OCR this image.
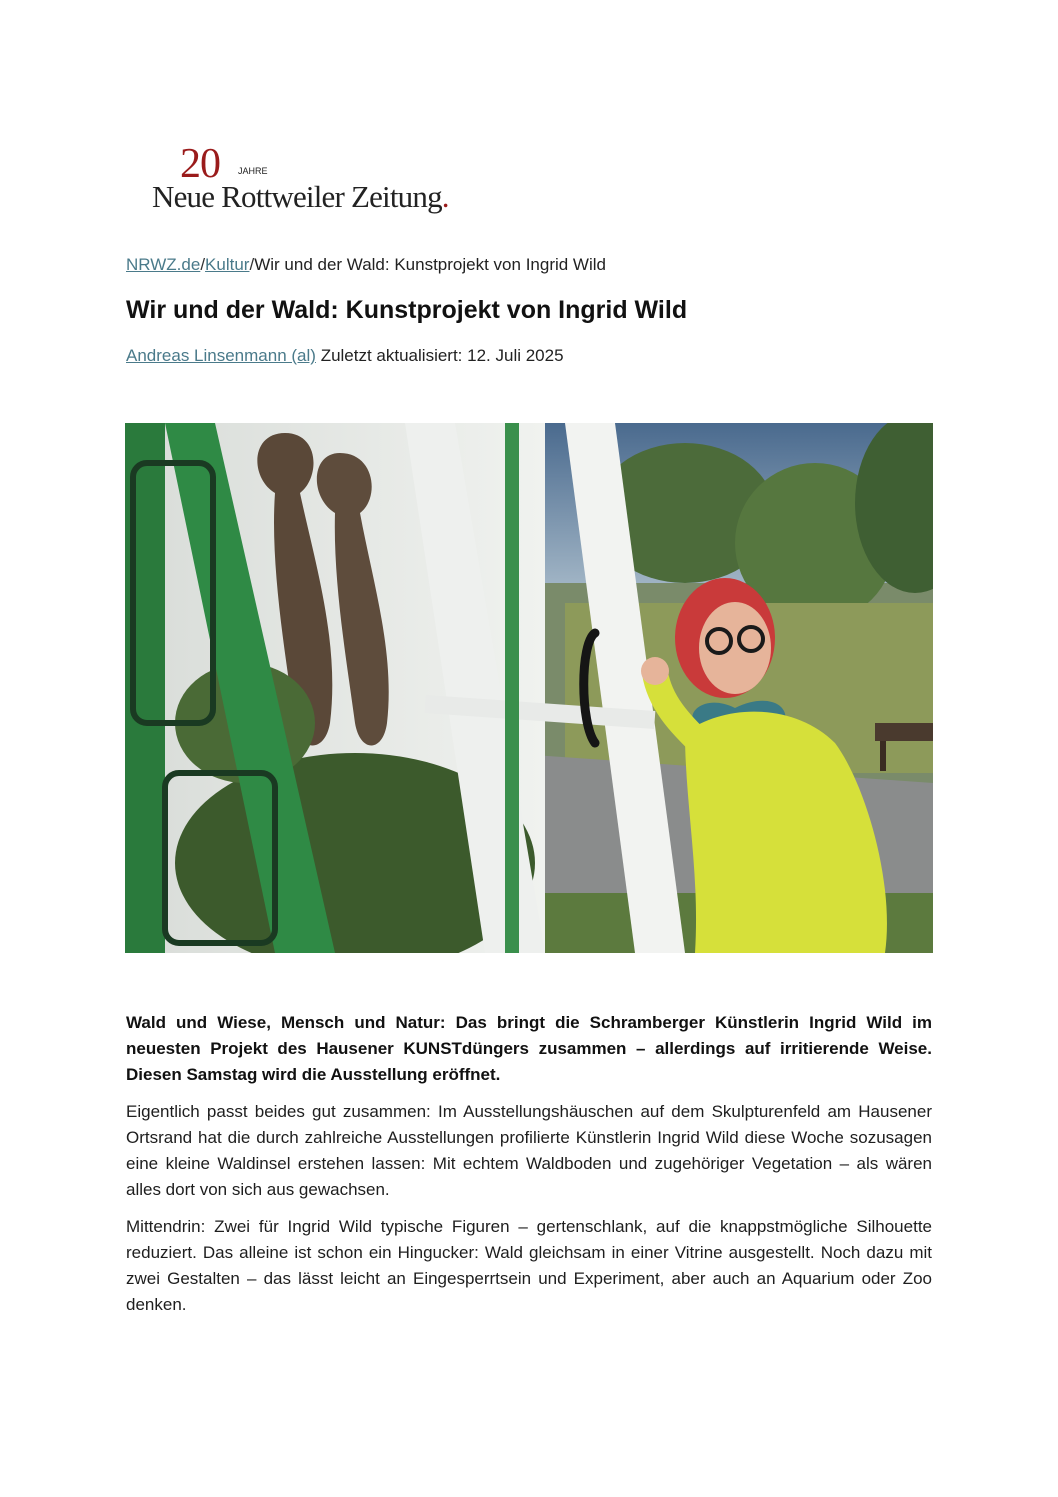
20 JAHRE
Neue Rottweiler Zeitung.
NRWZ.de/Kultur/Wir und der Wald: Kunstprojekt von Ingrid Wild
Wir und der Wald: Kunstprojekt von Ingrid Wild
Andreas Linsenmann (al) Zuletzt aktualisiert: 12. Juli 2025

Wald und Wiese, Mensch und Natur: Das bringt die Schramberger Künstlerin Ingrid Wild im neuesten Projekt des Hausener KUNSTdüngers zusammen – allerdings auf irritierende Weise. Diesen Samstag wird die Ausstellung eröffnet.

Eigentlich passt beides gut zusammen: Im Ausstellungshäuschen auf dem Skulpturenfeld am Hausener Ortsrand hat die durch zahlreiche Ausstellungen profilierte Künstlerin Ingrid Wild diese Woche sozusagen eine kleine Waldinsel erstehen lassen: Mit echtem Waldboden und zugehöriger Vegetation – als wären alles dort von sich aus gewachsen.

Mittendrin: Zwei für Ingrid Wild typische Figuren – gertenschlank, auf die knappstmögliche Silhouette reduziert. Das alleine ist schon ein Hingucker: Wald gleichsam in einer Vitrine ausgestellt. Noch dazu mit zwei Gestalten – das lässt leicht an Eingesperrtsein und Experiment, aber auch an Aquarium oder Zoo denken.
